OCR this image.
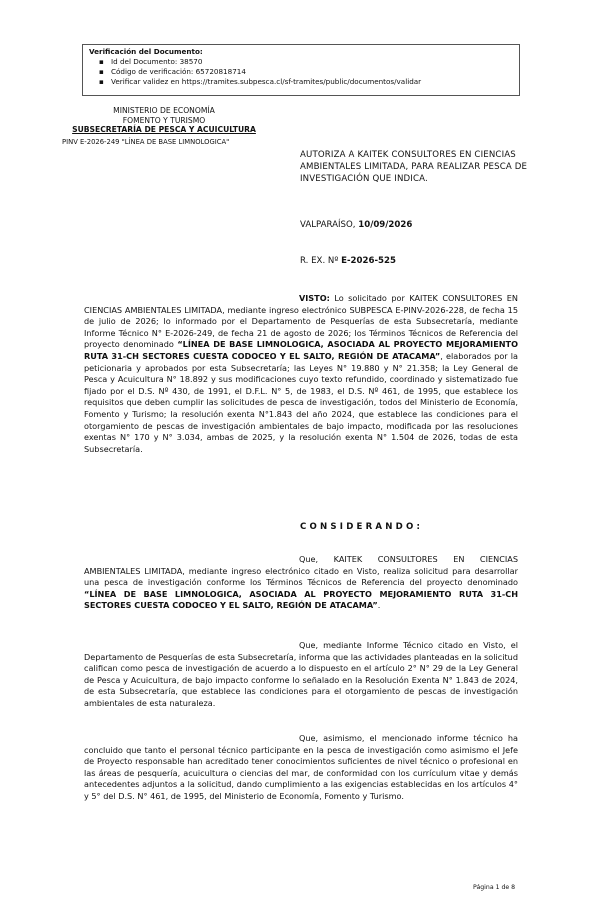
Verificación del Documento:
▪ Id del Documento: 38570
▪ Código de verificación: 65720818714
▪ Verificar validez en https://tramites.subpesca.cl/sf-tramites/public/documentos/validar
MINISTERIO DE ECONOMÍA
FOMENTO Y TURISMO
SUBSECRETARÍA DE PESCA Y ACUICULTURA
PINV E-2026-249 "LÍNEA DE BASE LIMNOLOGICA"
AUTORIZA A KAITEK CONSULTORES EN CIENCIAS AMBIENTALES LIMITADA, PARA REALIZAR PESCA DE INVESTIGACIÓN QUE INDICA.
VALPARAÍSO, 10/09/2026
R. EX. Nº E-2026-525
VISTO: Lo solicitado por KAITEK CONSULTORES EN CIENCIAS AMBIENTALES LIMITADA, mediante ingreso electrónico SUBPESCA E-PINV-2026-228, de fecha 15 de julio de 2026; lo informado por el Departamento de Pesquerías de esta Subsecretaría, mediante Informe Técnico N° E-2026-249, de fecha 21 de agosto de 2026; los Términos Técnicos de Referencia del proyecto denominado “LÍNEA DE BASE LIMNOLOGICA, ASOCIADA AL PROYECTO MEJORAMIENTO RUTA 31-CH SECTORES CUESTA CODOCEO Y EL SALTO, REGIÓN DE ATACAMA”, elaborados por la peticionaria y aprobados por esta Subsecretaría; las Leyes N° 19.880 y N° 21.358; la Ley General de Pesca y Acuicultura N° 18.892 y sus modificaciones cuyo texto refundido, coordinado y sistematizado fue fijado por el D.S. Nº 430, de 1991, el D.F.L. N° 5, de 1983, el D.S. Nº 461, de 1995, que establece los requisitos que deben cumplir las solicitudes de pesca de investigación, todos del Ministerio de Economía, Fomento y Turismo; la resolución exenta N°1.843 del año 2024, que establece las condiciones para el otorgamiento de pescas de investigación ambientales de bajo impacto, modificada por las resoluciones exentas N° 170 y N° 3.034, ambas de 2025, y la resolución exenta N° 1.504 de 2026, todas de esta Subsecretaría.
CONSIDERANDO:
Que, KAITEK CONSULTORES EN CIENCIAS AMBIENTALES LIMITADA, mediante ingreso electrónico citado en Visto, realiza solicitud para desarrollar una pesca de investigación conforme los Términos Técnicos de Referencia del proyecto denominado “LÍNEA DE BASE LIMNOLOGICA, ASOCIADA AL PROYECTO MEJORAMIENTO RUTA 31-CH SECTORES CUESTA CODOCEO Y EL SALTO, REGIÓN DE ATACAMA”.
Que, mediante Informe Técnico citado en Visto, el Departamento de Pesquerías de esta Subsecretaría, informa que las actividades planteadas en la solicitud califican como pesca de investigación de acuerdo a lo dispuesto en el artículo 2° N° 29 de la Ley General de Pesca y Acuicultura, de bajo impacto conforme lo señalado en la Resolución Exenta N° 1.843 de 2024, de esta Subsecretaría, que establece las condiciones para el otorgamiento de pescas de investigación ambientales de esta naturaleza.
Que, asimismo, el mencionado informe técnico ha concluido que tanto el personal técnico participante en la pesca de investigación como asimismo el Jefe de Proyecto responsable han acreditado tener conocimientos suficientes de nivel técnico o profesional en las áreas de pesquería, acuicultura o ciencias del mar, de conformidad con los currículum vitae y demás antecedentes adjuntos a la solicitud, dando cumplimiento a las exigencias establecidas en los artículos 4° y 5° del D.S. N° 461, de 1995, del Ministerio de Economía, Fomento y Turismo.
Página 1 de 8
